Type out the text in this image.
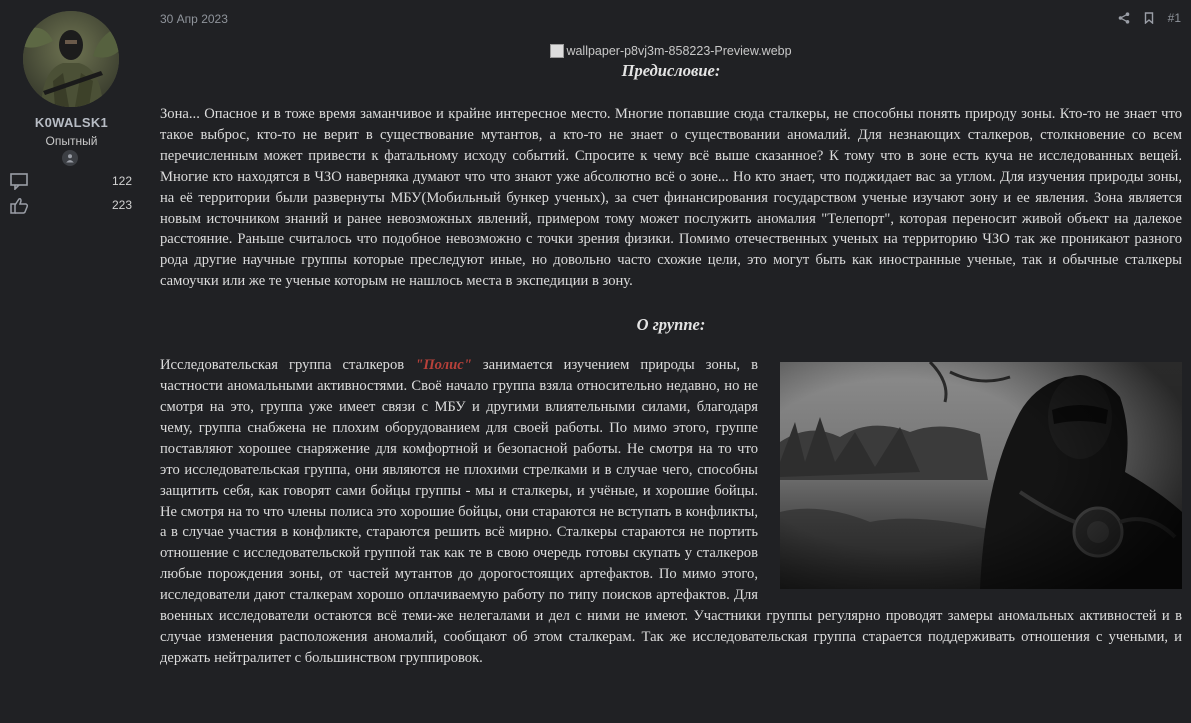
K0WALSK1
Опытный
122
223
30 Апр 2023	#1
wallpaper-p8vj3m-858223-Preview.webp
Предисловие:

Зона... Опасное и в тоже время заманчивое и крайне интересное место. Многие попавшие сюда сталкеры, не способны понять природу зоны. Кто-то не знает что такое выброс, кто-то не верит в существование мутантов, а кто-то не знает о существовании аномалий. Для незнающих сталкеров, столкновение со всем перечисленным может привести к фатальному исходу событий. Спросите к чему всё выше сказанное? К тому что в зоне есть куча не исследованных вещей. Многие кто находятся в ЧЗО наверняка думают что что знают уже абсолютно всё о зоне... Но кто знает, что поджидает вас за углом. Для изучения природы зоны, на её территории были развернуты МБУ(Мобильный бункер ученых), за счет финансирования государством ученые изучают зону и ее явления. Зона является новым источником знаний и ранее невозможных явлений, примером тому может послужить аномалия "Телепорт", которая переносит живой объект на далекое расстояние. Раньше считалось что подобное невозможно с точки зрения физики. Помимо отечественных ученых на территорию ЧЗО так же проникают разного рода другие научные группы которые преследуют иные, но довольно часто схожие цели, это могут быть как иностранные ученые, так и обычные сталкеры самоучки или же те ученые которым не нашлось места в экспедиции в зону.

О группе:

Исследовательская группа сталкеров "Полис" занимается изучением природы зоны, в частности аномальными активностями. Своё начало группа взяла относительно недавно, но не смотря на это, группа уже имеет связи с МБУ и другими влиятельными силами, благодаря чему, группа снабжена не плохим оборудованием для своей работы. По мимо этого, группе поставляют хорошее снаряжение для комфортной и безопасной работы. Не смотря на то что это исследовательская группа, они являются не плохими стрелками и в случае чего, способны защитить себя, как говорят сами бойцы группы - мы и сталкеры, и учёные, и хорошие бойцы. Не смотря на то что члены полиса это хорошие бойцы, они стараются не вступать в конфликты, а в случае участия в конфликте, стараются решить всё мирно. Сталкеры стараются не портить отношение с исследовательской группой так как те в свою очередь готовы скупать у сталкеров любые порождения зоны, от частей мутантов до дорогостоящих артефактов. По мимо этого, исследователи дают сталкерам хорошо оплачиваемую работу по типу поисков артефактов. Для военных исследователи остаются всё теми-же нелегалами и дел с ними не имеют. Участники группы регулярно проводят замеры аномальных активностей и в случае изменения расположения аномалий, сообщают об этом сталкерам. Так же исследовательская группа старается поддерживать отношения с учеными, и держать нейтралитет с большинством группировок.
